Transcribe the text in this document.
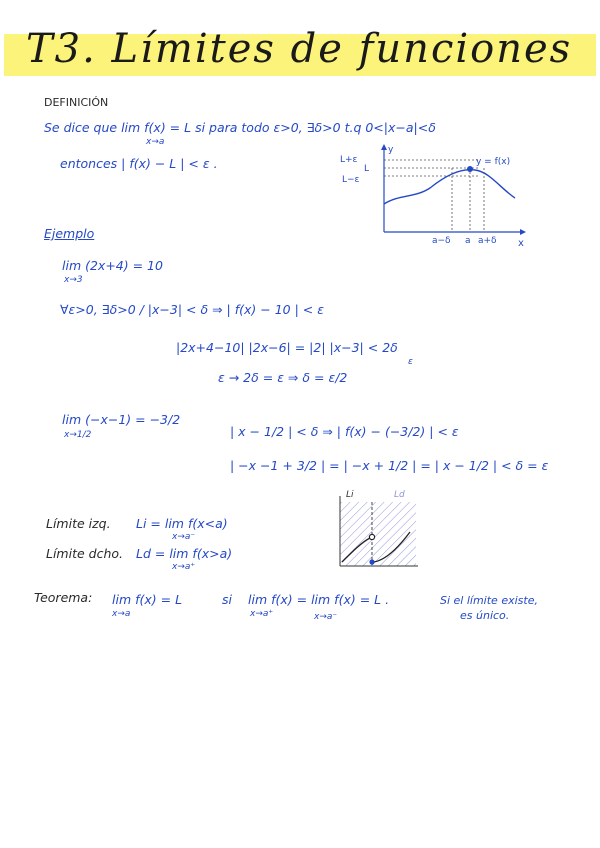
T3. Límites de funciones
DEFINICIÓN
Se dice que lim f(x) = L si para todo ε>0, ∃δ>0 t.q 0<|x−a|<δ
x→a
entonces | f(x) − L | < ε .	L+ε
L
L−ε
y
x
y = f(x)
a−δ a a+δ
Ejemplo
lim (2x+4) = 10
x→3
∀ε>0, ∃δ>0 / |x−3| < δ ⇒ | f(x) − 10 | < ε
|2x+4−10| |2x−6| = |2| |x−3| < 2δ
ε
ε → 2δ = ε ⇒ δ = ε/2
lim (−x−1) = −3/2
x→1/2	| x − 1/2 | < δ ⇒ | f(x) − (−3/2) | < ε
| −x −1 + 3/2 | = | −x + 1/2 | = | x − 1/2 | < δ = ε
Límite izq. Li = lim f(x<a)
x→a⁻
Límite dcho. Ld = lim f(x>a)
x→a⁺
Li	Ld
Teorema: lim f(x) = L
x→a
si lim f(x) = lim f(x) = L .
x→a⁺	x→a⁻
Si el límite existe,
es único.
